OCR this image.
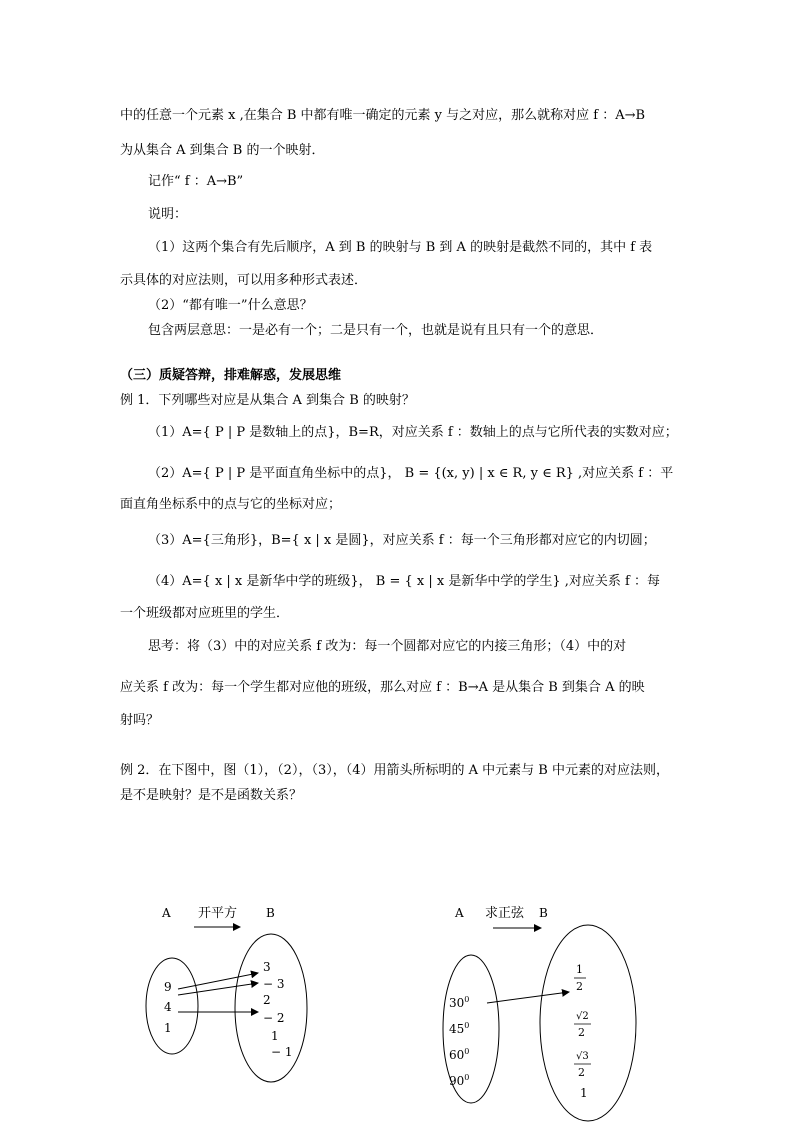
中的任意一个元素 x ,在集合 B 中都有唯一确定的元素 y 与之对应，那么就称对应 f ：A→B
为从集合 A 到集合 B 的一个映射．
记作“ f ：A→B”
说明：
（1）这两个集合有先后顺序，A 到 B 的映射与 B 到 A 的映射是截然不同的，其中 f 表
示具体的对应法则，可以用多种形式表述．
（2）“都有唯一”什么意思？
包含两层意思：一是必有一个；二是只有一个，也就是说有且只有一个的意思．
（三）质疑答辩，排难解惑，发展思维
例 1．下列哪些对应是从集合 A 到集合 B 的映射？
（1）A={ P | P 是数轴上的点}，B=R，对应关系 f ：数轴上的点与它所代表的实数对应；
（2）A={ P | P 是平面直角坐标中的点}， B = {(x, y) | x ∈ R, y ∈ R} ,对应关系 f ：平
面直角坐标系中的点与它的坐标对应；
（3）A={三角形}，B={ x | x 是圆}，对应关系 f ：每一个三角形都对应它的内切圆；
（4）A={ x | x 是新华中学的班级}， B = { x | x 是新华中学的学生} ,对应关系 f ：每
一个班级都对应班里的学生．
思考：将（3）中的对应关系 f 改为：每一个圆都对应它的内接三角形；（4）中的对
应关系 f 改为：每一个学生都对应他的班级，那么对应 f ：B→A 是从集合 B 到集合 A 的映
射吗？
例 2．在下图中，图（1），（2），（3），（4）用箭头所标明的 A 中元素与 B 中元素的对应法则，
是不是映射？是不是函数关系？
A 开平方 B
9
4
1
3
− 3
2
− 2
1
− 1
A 求正弦 B
$30^0$
$45^0$
$60^0$
$90^0$
1
2
√2
2
√3
2
1
